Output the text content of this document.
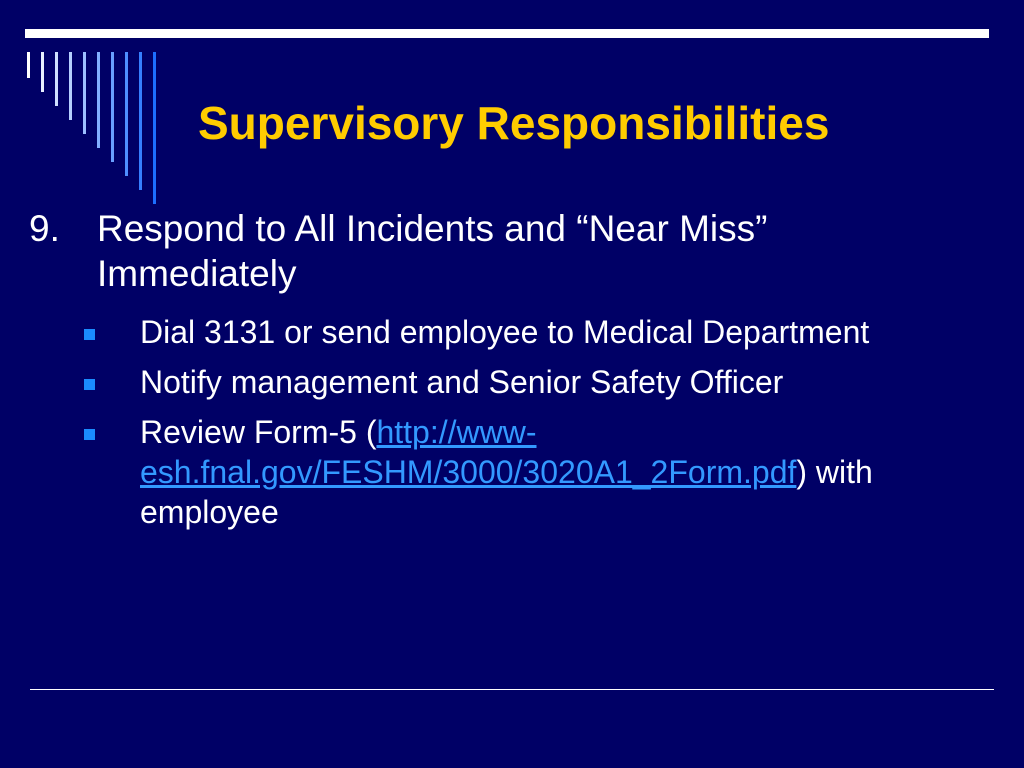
Supervisory Responsibilities
9.	Respond to All Incidents and “Near Miss” Immediately
Dial 3131 or send employee to Medical Department
Notify management and Senior Safety Officer
Review Form-5 (http://www-esh.fnal.gov/FESHM/3000/3020A1_2Form.pdf) with employee
